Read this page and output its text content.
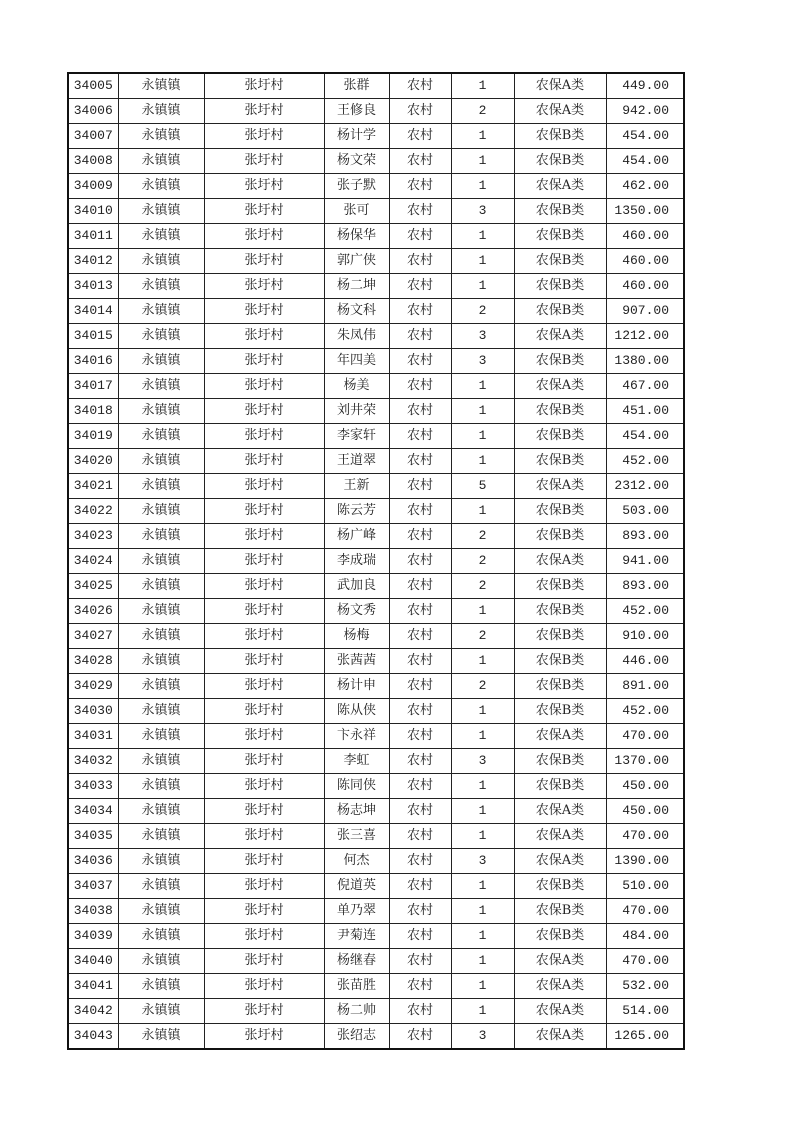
34005	永镇镇	张圩村	张群	农村	1	农保A类	449.00
34006	永镇镇	张圩村	王修良	农村	2	农保A类	942.00
34007	永镇镇	张圩村	杨计学	农村	1	农保B类	454.00
34008	永镇镇	张圩村	杨文荣	农村	1	农保B类	454.00
34009	永镇镇	张圩村	张子默	农村	1	农保A类	462.00
34010	永镇镇	张圩村	张可	农村	3	农保B类	1350.00
34011	永镇镇	张圩村	杨保华	农村	1	农保B类	460.00
34012	永镇镇	张圩村	郭广侠	农村	1	农保B类	460.00
34013	永镇镇	张圩村	杨二坤	农村	1	农保B类	460.00
34014	永镇镇	张圩村	杨文科	农村	2	农保B类	907.00
34015	永镇镇	张圩村	朱凤伟	农村	3	农保A类	1212.00
34016	永镇镇	张圩村	年四美	农村	3	农保B类	1380.00
34017	永镇镇	张圩村	杨美	农村	1	农保A类	467.00
34018	永镇镇	张圩村	刘井荣	农村	1	农保B类	451.00
34019	永镇镇	张圩村	李家轩	农村	1	农保B类	454.00
34020	永镇镇	张圩村	王道翠	农村	1	农保B类	452.00
34021	永镇镇	张圩村	王新	农村	5	农保A类	2312.00
34022	永镇镇	张圩村	陈云芳	农村	1	农保B类	503.00
34023	永镇镇	张圩村	杨广峰	农村	2	农保B类	893.00
34024	永镇镇	张圩村	李成瑞	农村	2	农保A类	941.00
34025	永镇镇	张圩村	武加良	农村	2	农保B类	893.00
34026	永镇镇	张圩村	杨文秀	农村	1	农保B类	452.00
34027	永镇镇	张圩村	杨梅	农村	2	农保B类	910.00
34028	永镇镇	张圩村	张茜茜	农村	1	农保B类	446.00
34029	永镇镇	张圩村	杨计申	农村	2	农保B类	891.00
34030	永镇镇	张圩村	陈从侠	农村	1	农保B类	452.00
34031	永镇镇	张圩村	卞永祥	农村	1	农保A类	470.00
34032	永镇镇	张圩村	李虹	农村	3	农保B类	1370.00
34033	永镇镇	张圩村	陈同侠	农村	1	农保B类	450.00
34034	永镇镇	张圩村	杨志坤	农村	1	农保A类	450.00
34035	永镇镇	张圩村	张三喜	农村	1	农保A类	470.00
34036	永镇镇	张圩村	何杰	农村	3	农保A类	1390.00
34037	永镇镇	张圩村	倪道英	农村	1	农保B类	510.00
34038	永镇镇	张圩村	单乃翠	农村	1	农保B类	470.00
34039	永镇镇	张圩村	尹菊连	农村	1	农保B类	484.00
34040	永镇镇	张圩村	杨继春	农村	1	农保A类	470.00
34041	永镇镇	张圩村	张苗胜	农村	1	农保A类	532.00
34042	永镇镇	张圩村	杨二帅	农村	1	农保A类	514.00
34043	永镇镇	张圩村	张绍志	农村	3	农保A类	1265.00
